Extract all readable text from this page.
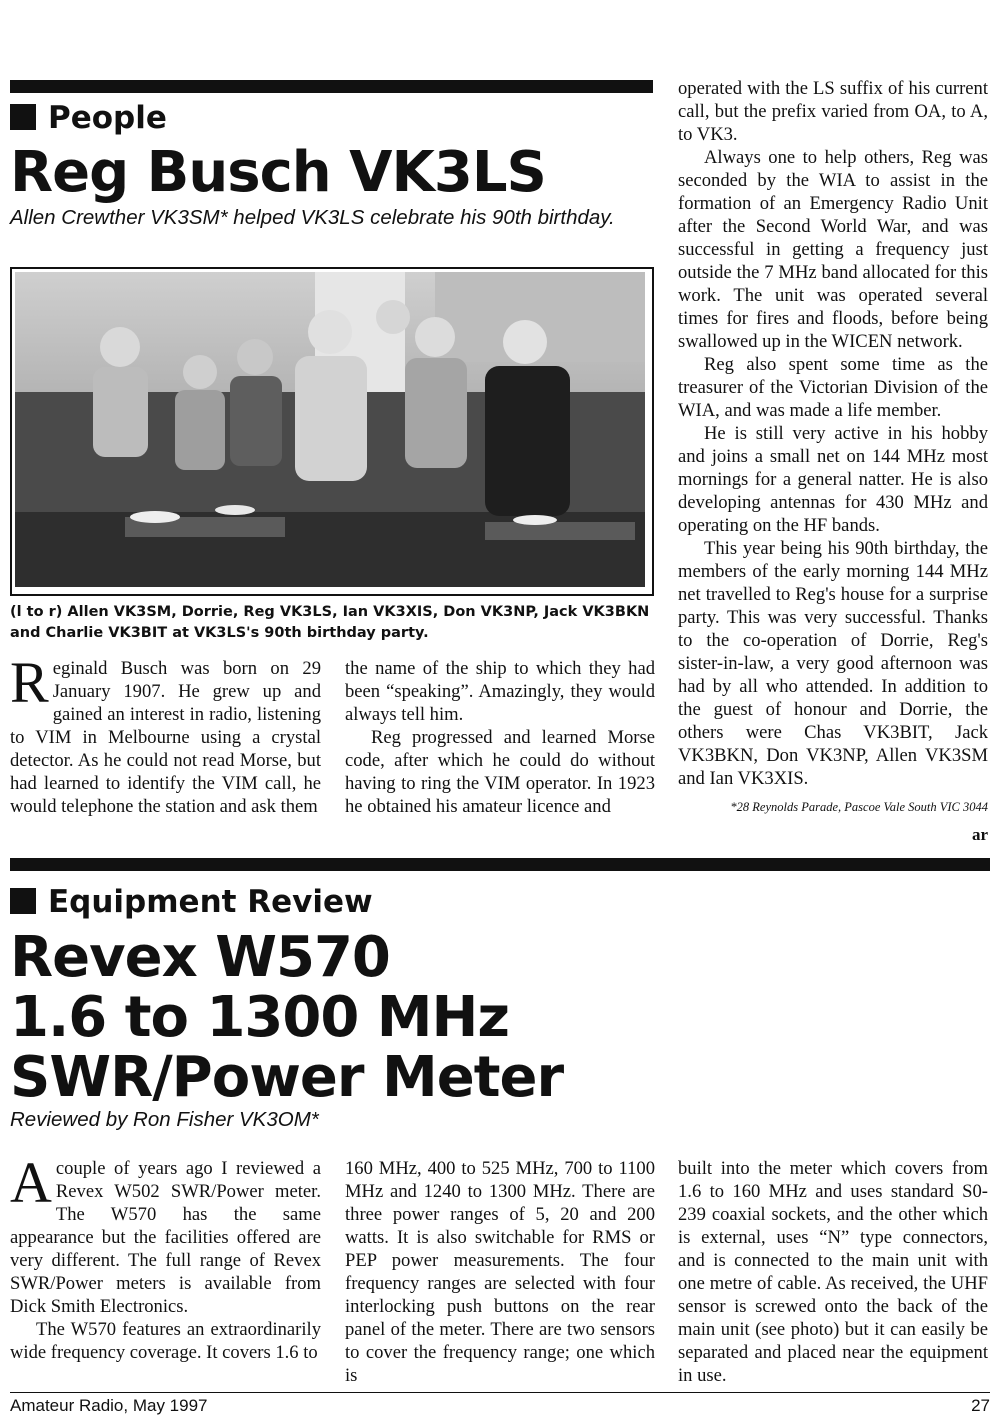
People
Reg Busch VK3LS
Allen Crewther VK3SM* helped VK3LS celebrate his 90th birthday.
(l to r) Allen VK3SM, Dorrie, Reg VK3LS, Ian VK3XIS, Don VK3NP, Jack VK3BKN and Charlie VK3BIT at VK3LS's 90th birthday party.

Reginald Busch was born on 29 January 1907. He grew up and gained an interest in radio, listening to VIM in Melbourne using a crystal detector. As he could not read Morse, but had learned to identify the VIM call, he would telephone the station and ask them

the name of the ship to which they had been “speaking”. Amazingly, they would always tell him.

Reg progressed and learned Morse code, after which he could do without having to ring the VIM operator. In 1923 he obtained his amateur licence and

operated with the LS suffix of his current call, but the prefix varied from OA, to A, to VK3.

Always one to help others, Reg was seconded by the WIA to assist in the formation of an Emergency Radio Unit after the Second World War, and was successful in getting a frequency just outside the 7 MHz band allocated for this work. The unit was operated several times for fires and floods, before being swallowed up in the WICEN network.

Reg also spent some time as the treasurer of the Victorian Division of the WIA, and was made a life member.

He is still very active in his hobby and joins a small net on 144 MHz most mornings for a general natter. He is also developing antennas for 430 MHz and operating on the HF bands.

This year being his 90th birthday, the members of the early morning 144 MHz net travelled to Reg's house for a surprise party. This was very successful. Thanks to the co-operation of Dorrie, Reg's sister-in-law, a very good afternoon was had by all who attended. In addition to the guest of honour and Dorrie, the others were Chas VK3BIT, Jack VK3BKN, Don VK3NP, Allen VK3SM and Ian VK3XIS.

*28 Reynolds Parade, Pascoe Vale South VIC 3044
ar
Equipment Review
Revex W570
1.6 to 1300 MHz
SWR/Power Meter
Reviewed by Ron Fisher VK3OM*

Acouple of years ago I reviewed a Revex W502 SWR/Power meter. The W570 has the same appearance but the facilities offered are very different. The full range of Revex SWR/Power meters is available from Dick Smith Electronics.

The W570 features an extraordinarily wide frequency coverage. It covers 1.6 to

160 MHz, 400 to 525 MHz, 700 to 1100 MHz and 1240 to 1300 MHz. There are three power ranges of 5, 20 and 200 watts. It is also switchable for RMS or PEP power measurements. The four frequency ranges are selected with four interlocking push buttons on the rear panel of the meter. There are two sensors to cover the frequency range; one which is

built into the meter which covers from 1.6 to 160 MHz and uses standard S0-239 coaxial sockets, and the other which is external, uses “N” type connectors, and is connected to the main unit with one metre of cable. As received, the UHF sensor is screwed onto the back of the main unit (see photo) but it can easily be separated and placed near the equipment in use.

Amateur Radio, May 1997	27
